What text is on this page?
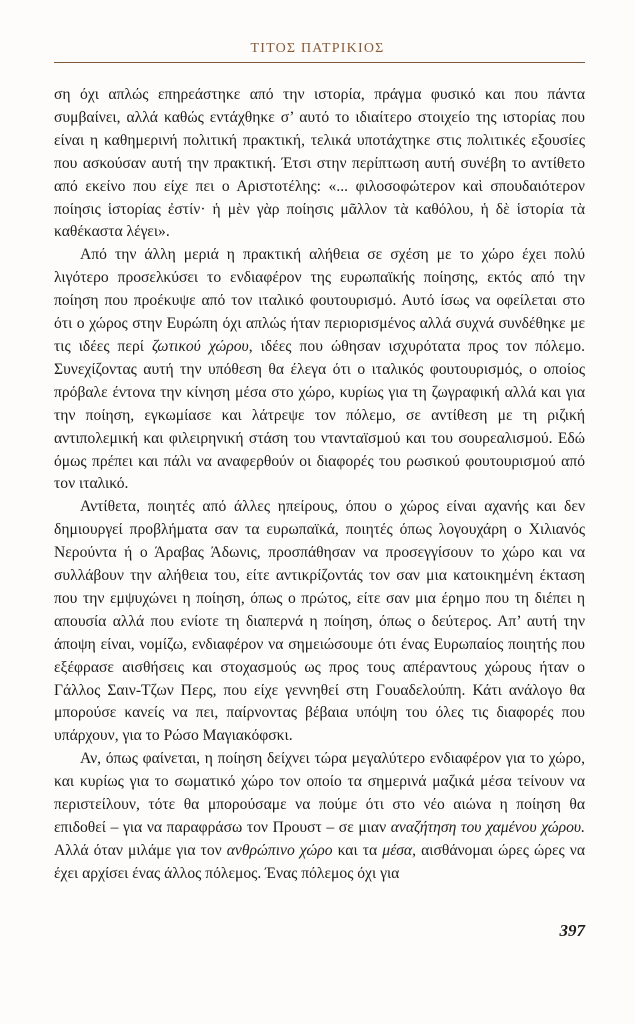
ΤΙΤΟΣ ΠΑΤΡΙΚΙΟΣ

ση όχι απλώς επηρεάστηκε από την ιστορία, πράγμα φυσικό και που πάντα συμβαίνει, αλλά καθώς εντάχθηκε σ’ αυτό το ιδιαίτερο στοιχείο της ιστορίας που είναι η καθημερινή πολιτική πρακτική, τελικά υποτάχτηκε στις πολιτικές εξουσίες που ασκούσαν αυτή την πρακτική. Έτσι στην περίπτωση αυτή συνέβη το αντίθετο από εκείνο που είχε πει ο Αριστοτέλης: «... φιλοσοφώτερον καὶ σπουδαιότερον ποίησις ἱστορίας ἐστίν· ἡ μὲν γὰρ ποίησις μᾶλλον τὰ καθόλου, ἡ δὲ ἱστορία τὰ καθέκαστα λέγει».

Από την άλλη μεριά η πρακτική αλήθεια σε σχέση με το χώρο έχει πολύ λιγότερο προσελκύσει το ενδιαφέρον της ευρωπαϊκής ποίησης, εκτός από την ποίηση που προέκυψε από τον ιταλικό φουτουρισμό. Αυτό ίσως να οφείλεται στο ότι ο χώρος στην Ευρώπη όχι απλώς ήταν περιορισμένος αλλά συχνά συνδέθηκε με τις ιδέες περί ζωτικού χώρου, ιδέες που ώθησαν ισχυρότατα προς τον πόλεμο. Συνεχίζοντας αυτή την υπόθεση θα έλεγα ότι ο ιταλικός φουτουρισμός, ο οποίος πρόβαλε έντονα την κίνηση μέσα στο χώρο, κυρίως για τη ζωγραφική αλλά και για την ποίηση, εγκωμίασε και λάτρεψε τον πόλεμο, σε αντίθεση με τη ριζική αντιπολεμική και φιλειρηνική στάση του ντανταϊσμού και του σουρεαλισμού. Εδώ όμως πρέπει και πάλι να αναφερθούν οι διαφορές του ρωσικού φουτουρισμού από τον ιταλικό.

Αντίθετα, ποιητές από άλλες ηπείρους, όπου ο χώρος είναι αχανής και δεν δημιουργεί προβλήματα σαν τα ευρωπαϊκά, ποιητές όπως λογουχάρη ο Χιλιανός Νερούντα ή ο Άραβας Άδωνις, προσπάθησαν να προσεγγίσουν το χώρο και να συλλάβουν την αλήθεια του, είτε αντικρίζοντάς τον σαν μια κατοικημένη έκταση που την εμψυχώνει η ποίηση, όπως ο πρώτος, είτε σαν μια έρημο που τη διέπει η απουσία αλλά που ενίοτε τη διαπερνά η ποίηση, όπως ο δεύτερος. Απ’ αυτή την άποψη είναι, νομίζω, ενδιαφέρον να σημειώσουμε ότι ένας Ευρωπαίος ποιητής που εξέφρασε αισθήσεις και στοχασμούς ως προς τους απέραντους χώρους ήταν ο Γάλλος Σαιν-Τζων Περς, που είχε γεννηθεί στη Γουαδελούπη. Κάτι ανάλογο θα μπορούσε κανείς να πει, παίρνοντας βέβαια υπόψη του όλες τις διαφορές που υπάρχουν, για το Ρώσο Μαγιακόφσκι.

Αν, όπως φαίνεται, η ποίηση δείχνει τώρα μεγαλύτερο ενδιαφέρον για το χώρο, και κυρίως για το σωματικό χώρο τον οποίο τα σημερινά μαζικά μέσα τείνουν να περιστείλουν, τότε θα μπορούσαμε να πούμε ότι στο νέο αιώνα η ποίηση θα επιδοθεί – για να παραφράσω τον Προυστ – σε μιαν αναζήτηση του χαμένου χώρου. Αλλά όταν μιλάμε για τον ανθρώπινο χώρο και τα μέσα, αισθάνομαι ώρες ώρες να έχει αρχίσει ένας άλλος πόλεμος. Ένας πόλεμος όχι για

397
